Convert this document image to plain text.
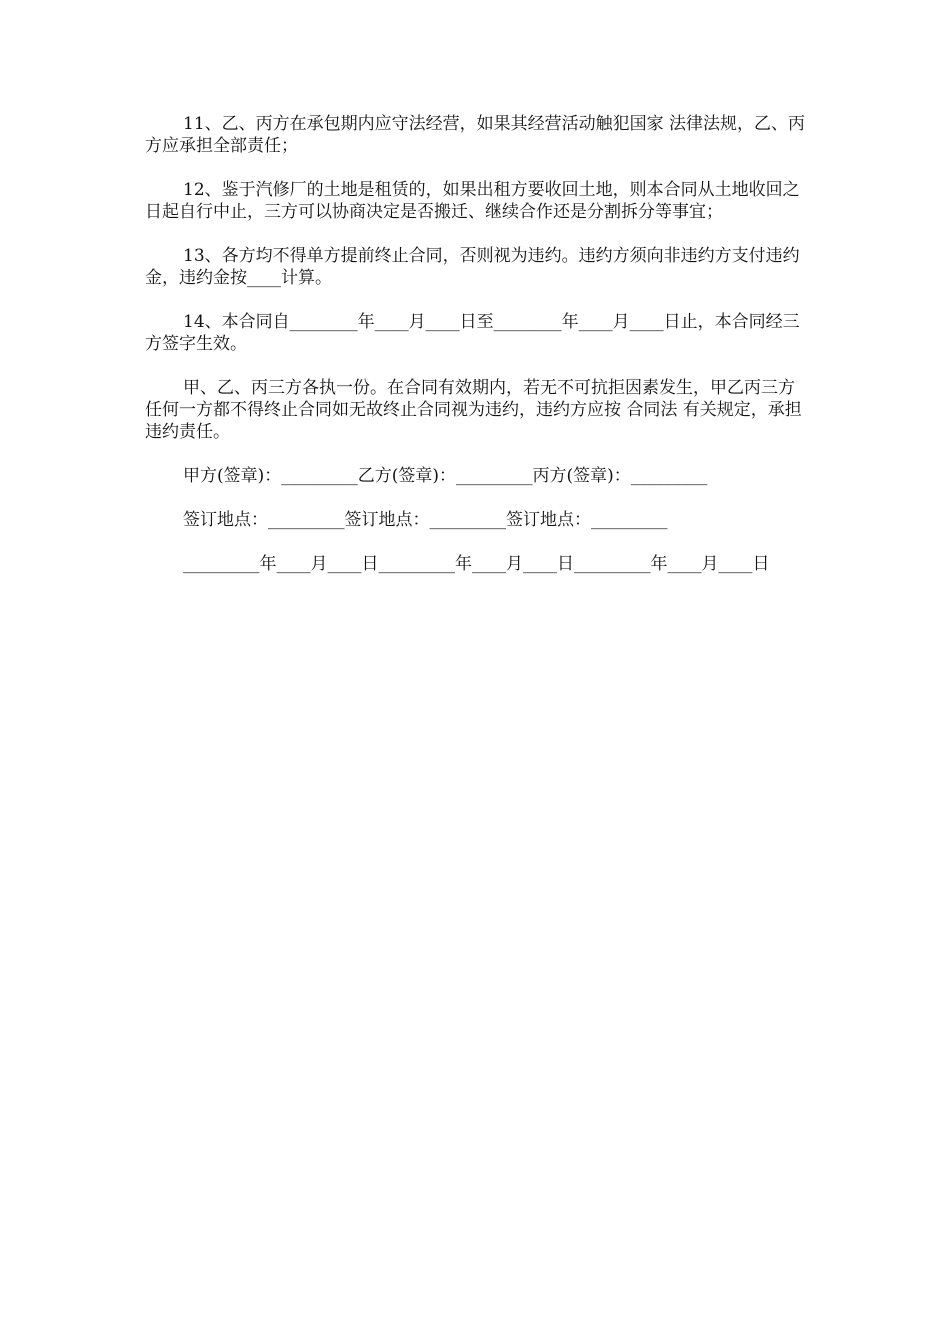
11、乙、丙方在承包期内应守法经营，如果其经营活动触犯国家 法律法规，乙、丙方应承担全部责任；

12、鉴于汽修厂的土地是租赁的，如果出租方要收回土地，则本合同从土地收回之日起自行中止，三方可以协商决定是否搬迁、继续合作还是分割拆分等事宜；

13、各方均不得单方提前终止合同，否则视为违约。违约方须向非违约方支付违约金，违约金按____计算。

14、本合同自________年____月____日至________年____月____日止，本合同经三方签字生效。

甲、乙、丙三方各执一份。在合同有效期内，若无不可抗拒因素发生，甲乙丙三方任何一方都不得终止合同如无故终止合同视为违约，违约方应按 合同法 有关规定，承担违约责任。

甲方(签章)：_________乙方(签章)：_________丙方(签章)：_________

签订地点：_________签订地点：_________签订地点：_________

_________年____月____日_________年____月____日_________年____月____日
